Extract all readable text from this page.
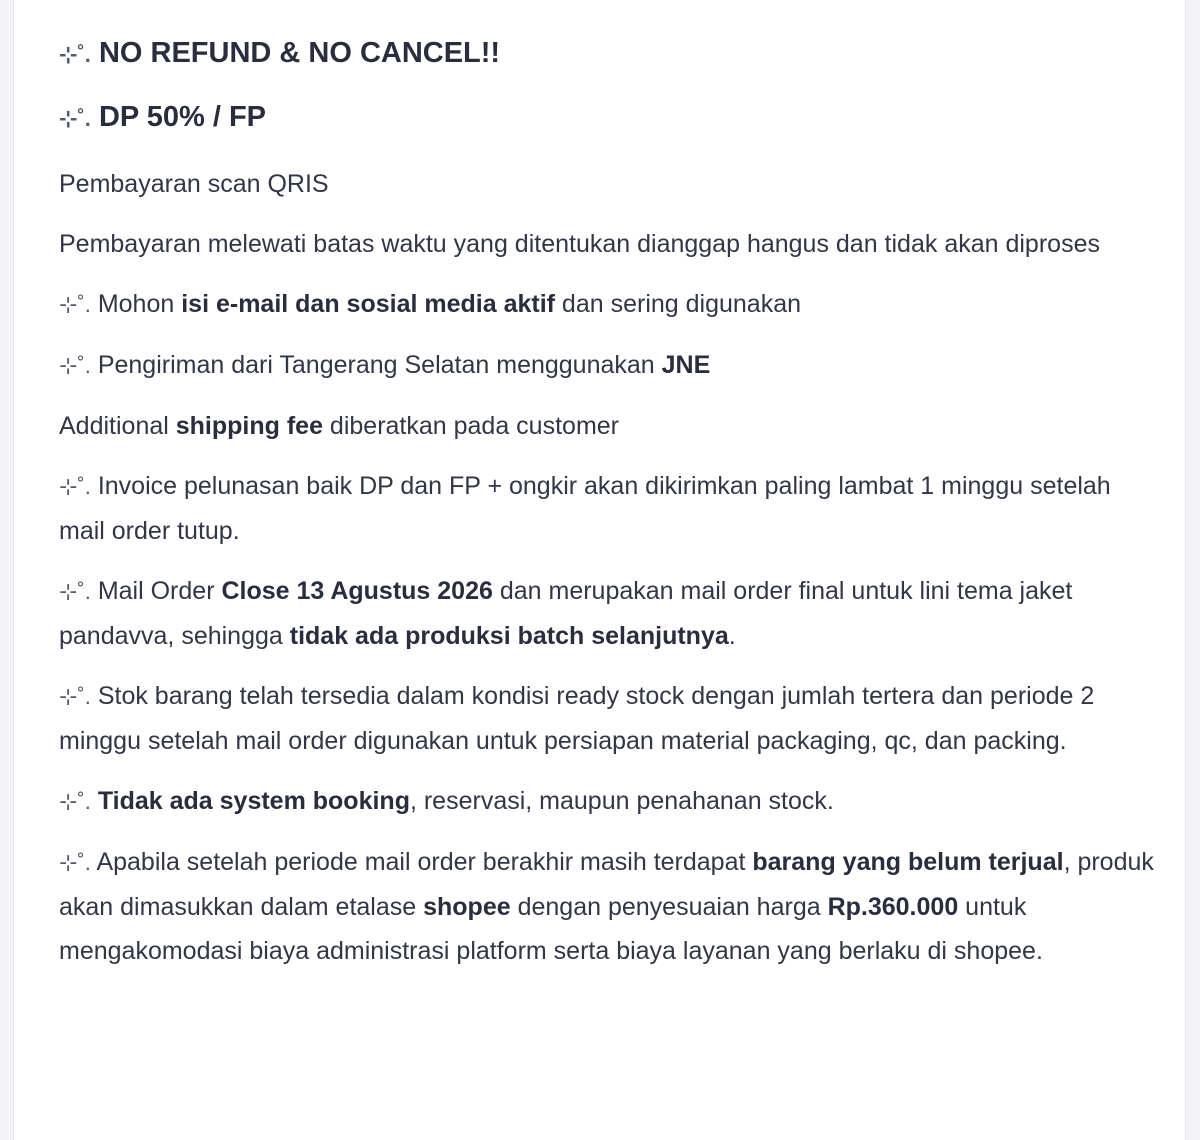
⊹˚. NO REFUND & NO CANCEL!!
⊹˚. DP 50% / FP
Pembayaran scan QRIS
Pembayaran melewati batas waktu yang ditentukan dianggap hangus dan tidak akan diproses
⊹˚. Mohon isi e-mail dan sosial media aktif dan sering digunakan
⊹˚. Pengiriman dari Tangerang Selatan menggunakan JNE
Additional shipping fee diberatkan pada customer
⊹˚. Invoice pelunasan baik DP dan FP + ongkir akan dikirimkan paling lambat 1 minggu setelah mail order tutup.
⊹˚. Mail Order Close 13 Agustus 2026 dan merupakan mail order final untuk lini tema jaket pandavva, sehingga tidak ada produksi batch selanjutnya.
⊹˚. Stok barang telah tersedia dalam kondisi ready stock dengan jumlah tertera dan periode 2 minggu setelah mail order digunakan untuk persiapan material packaging, qc, dan packing.
⊹˚. Tidak ada system booking, reservasi, maupun penahanan stock.
⊹˚. Apabila setelah periode mail order berakhir masih terdapat barang yang belum terjual, produk akan dimasukkan dalam etalase shopee dengan penyesuaian harga Rp.360.000 untuk mengakomodasi biaya administrasi platform serta biaya layanan yang berlaku di shopee.
